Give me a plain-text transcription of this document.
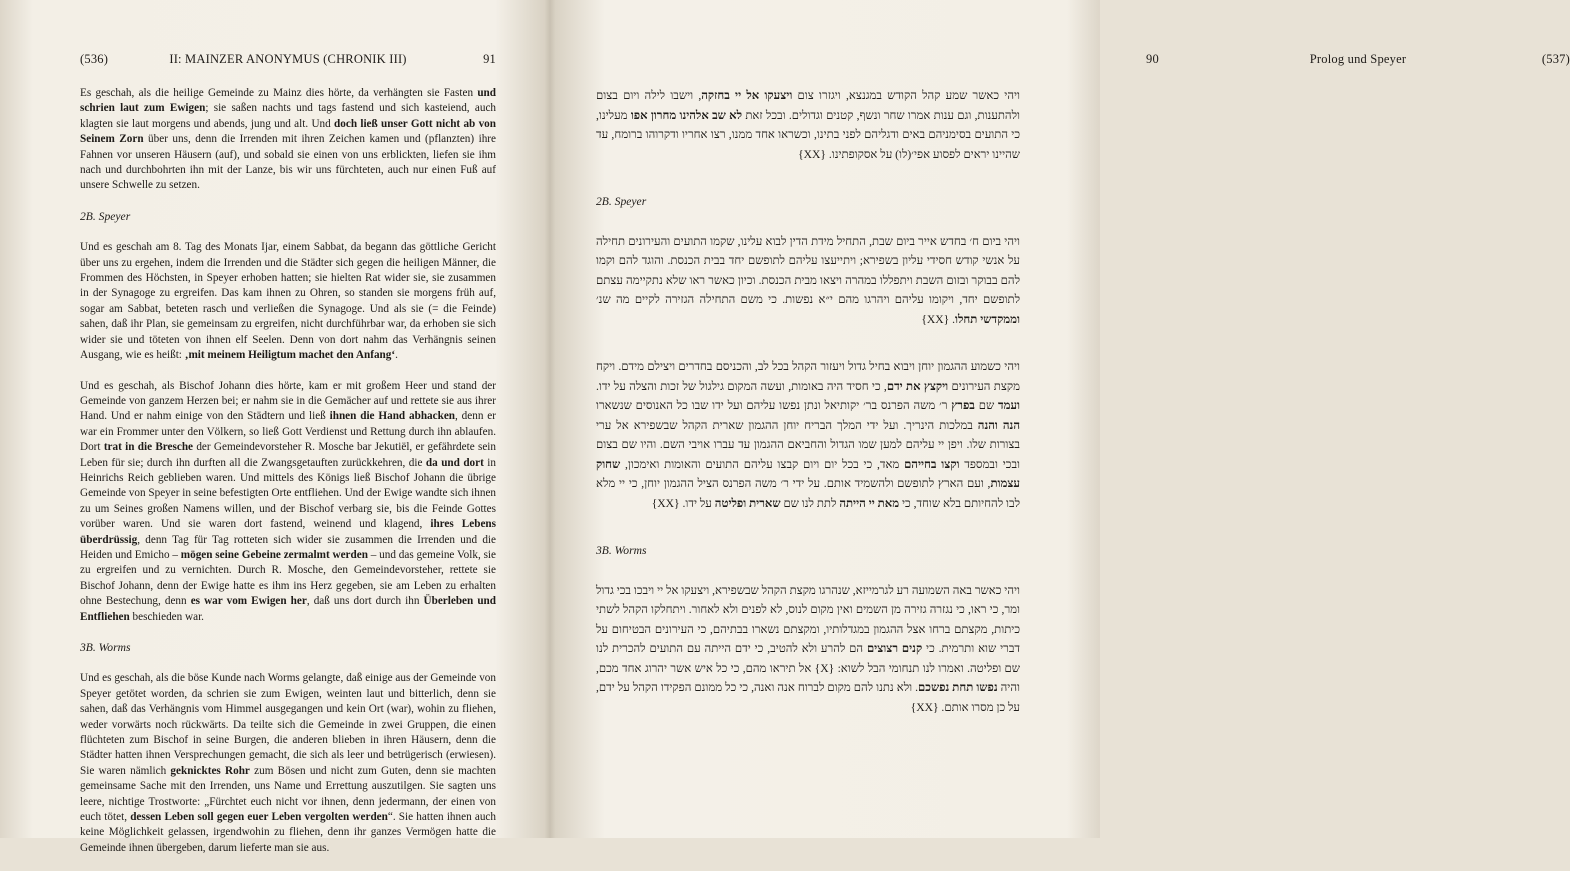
(536)	II: MAINZER ANONYMUS (CHRONIK III)	91

Es geschah, als die heilige Gemeinde zu Mainz dies hörte, da verhängten sie Fasten und schrien laut zum Ewigen; sie saßen nachts und tags fastend und sich kasteiend, auch klagten sie laut morgens und abends, jung und alt. Und doch ließ unser Gott nicht ab von Seinem Zorn über uns, denn die Irrenden mit ihren Zeichen kamen und (pflanzten) ihre Fahnen vor unseren Häusern (auf), und sobald sie einen von uns erblickten, liefen sie ihm nach und durchbohrten ihn mit der Lanze, bis wir uns fürchteten, auch nur einen Fuß auf unsere Schwelle zu setzen.

2B. Speyer

Und es geschah am 8. Tag des Monats Ijar, einem Sabbat, da begann das göttliche Gericht über uns zu ergehen, indem die Irrenden und die Städter sich gegen die heiligen Männer, die Frommen des Höchsten, in Speyer erhoben hatten; sie hielten Rat wider sie, sie zusammen in der Synagoge zu ergreifen. Das kam ihnen zu Ohren, so standen sie morgens früh auf, sogar am Sabbat, beteten rasch und verließen die Synagoge. Und als sie (= die Feinde) sahen, daß ihr Plan, sie gemeinsam zu ergreifen, nicht durchführbar war, da erhoben sie sich wider sie und töteten von ihnen elf Seelen. Denn von dort nahm das Verhängnis seinen Ausgang, wie es heißt: ‚mit meinem Heiligtum machet den Anfang‘.

Und es geschah, als Bischof Johann dies hörte, kam er mit großem Heer und stand der Gemeinde von ganzem Herzen bei; er nahm sie in die Gemächer auf und rettete sie aus ihrer Hand. Und er nahm einige von den Städtern und ließ ihnen die Hand abhacken, denn er war ein Frommer unter den Völkern, so ließ Gott Verdienst und Rettung durch ihn ablaufen. Dort trat in die Bresche der Gemeindevorsteher R. Mosche bar Jekutiël, er gefährdete sein Leben für sie; durch ihn durften all die Zwangsgetauften zurückkehren, die da und dort in Heinrichs Reich geblieben waren. Und mittels des Königs ließ Bischof Johann die übrige Gemeinde von Speyer in seine befestigten Orte entfliehen. Und der Ewige wandte sich ihnen zu um Seines großen Namens willen, und der Bischof verbarg sie, bis die Feinde Gottes vorüber waren. Und sie waren dort fastend, weinend und klagend, ihres Lebens überdrüssig, denn Tag für Tag rotteten sich wider sie zusammen die Irrenden und die Heiden und Emicho – mögen seine Gebeine zermalmt werden – und das gemeine Volk, sie zu ergreifen und zu vernichten. Durch R. Mosche, den Gemeindevorsteher, rettete sie Bischof Johann, denn der Ewige hatte es ihm ins Herz gegeben, sie am Leben zu erhalten ohne Bestechung, denn es war vom Ewigen her, daß uns dort durch ihn Überleben und Entfliehen beschieden war.

3B. Worms

Und es geschah, als die böse Kunde nach Worms gelangte, daß einige aus der Gemeinde von Speyer getötet worden, da schrien sie zum Ewigen, weinten laut und bitterlich, denn sie sahen, daß das Verhängnis vom Himmel ausgegangen und kein Ort (war), wohin zu fliehen, weder vorwärts noch rückwärts. Da teilte sich die Gemeinde in zwei Gruppen, die einen flüchteten zum Bischof in seine Burgen, die anderen blieben in ihren Häusern, denn die Städter hatten ihnen Versprechungen gemacht, die sich als leer und betrügerisch (erwiesen). Sie waren nämlich geknicktes Rohr zum Bösen und nicht zum Guten, denn sie machten gemeinsame Sache mit den Irrenden, uns Name und Errettung auszutilgen. Sie sagten uns leere, nichtige Trostworte: „Fürchtet euch nicht vor ihnen, denn jedermann, der einen von euch tötet, dessen Leben soll gegen euer Leben vergolten werden“. Sie hatten ihnen auch keine Möglichkeit gelassen, irgendwohin zu fliehen, denn ihr ganzes Vermögen hatte die Gemeinde ihnen übergeben, darum lieferte man sie aus.

90	Prolog und Speyer	(537)

ויהי כאשר שמע קהל הקודש במגנצא, ויגזרו צום ויצעקו אל יי בחזקה, וישבו לילה ויום בצום ולהתענות, וגם ענות אמרו שחר ונשף, קטנים וגדולים. ובכל זאת לא שב אלהינו מחרון אפו מעלינו, כי התועים בסימניהם באים ודגליהם לפני בתינו, וכשראו אחד ממנו, רצו אחריו ודקרוהו ברומח, עד שהיינו יראים לפסוע אפי׳(לו) על אסקופתינו. {XX}

2B. Speyer

ויהי ביום ח׳ בחדש אייר ביום שבת, התחיל מידת הדין לבוא עלינו, שקמו התועים והעירונים תחילה על אנשי קודש חסידי עליון בשפירא; ויתייעצו עליהם לתופשם יחד בבית הכנסת. והוגד להם וקמו להם בבוקר ובזום השבת ויתפללו במהרה ויצאו מבית הכנסת. וכיון כאשר ראו שלא נתקיימה עצתם לתופשם יחד, ויקומו עליהם ויהרגו מהם י״א נפשות. כי משם התחילה הגזירה לקיים מה שנ׳ וממקדשי תחלו. {XX}

ויהי כשמוע ההגמון יוחן ויבוא בחיל גדול ויעזור הקהל בכל לב, והכניסם בחדרים ויצילם מידם. ויקח מקצת העירונים ויקצץ את ידם, כי חסיד היה באומות, ועשה המקום גילגול של זכות והצלה על ידו. ועמד שם בפרץ ר׳ משה הפרנס בר׳ יקותיאל ונתן נפשו עליהם ועל ידו שבו כל האנוסים שנשארו הנה והנה במלכות הינריך. ועל ידי המלך הבריח יוחן ההגמון שארית הקהל שבשפירא אל ערי בצורות שלו. ויפן יי עליהם למען שמו הגדול והחביאם ההגמון עד עברו אויבי השם. והיו שם בצום ובכי ובמספד וקצו בחייהם מאד, כי בכל יום ויום קבצו עליהם התועים והאומות ואימכון, שחוק עצמות, ועם הארץ לתופשם ולהשמיד אותם. על ידי ר׳ משה הפרנס הציל ההגמון יוחן, כי יי מלא לבו להחיותם בלא שוחד, כי מאת יי הייתה לתת לנו שם שארית ופליטה על ידו. {XX}

3B. Worms

ויהי כאשר באה השמועה רע לגרמייזא, שנהרגו מקצת הקהל שבשפירא, ויצעקו אל יי ויבכו בכי גדול ומר, כי ראו, כי נגזרה גזירה מן השמים ואין מקום לנוס, לא לפנים ולא לאחור. ויתחלקו הקהל לשתי כיתות, מקצתם ברחו אצל ההגמון במגדלותיו, ומקצתם נשארו בבתיהם, כי העירונים הבטיחום על דברי שוא ותרמית. כי קנים רצוצים הם להרע ולא להטיב, כי ידם הייתה עם התועים להכרית לנו שם ופליטה. ואמרו לנו תנחומי הבל לשוא: {X} אל תיראו מהם, כי כל איש אשר יהרוג אחד מכם, והיה נפשו תחת נפשכם. ולא נתנו להם מקום לברוח אנה ואנה, כי כל ממונם הפקידו הקהל על ידם, על כן מסרו אותם. {XX}
